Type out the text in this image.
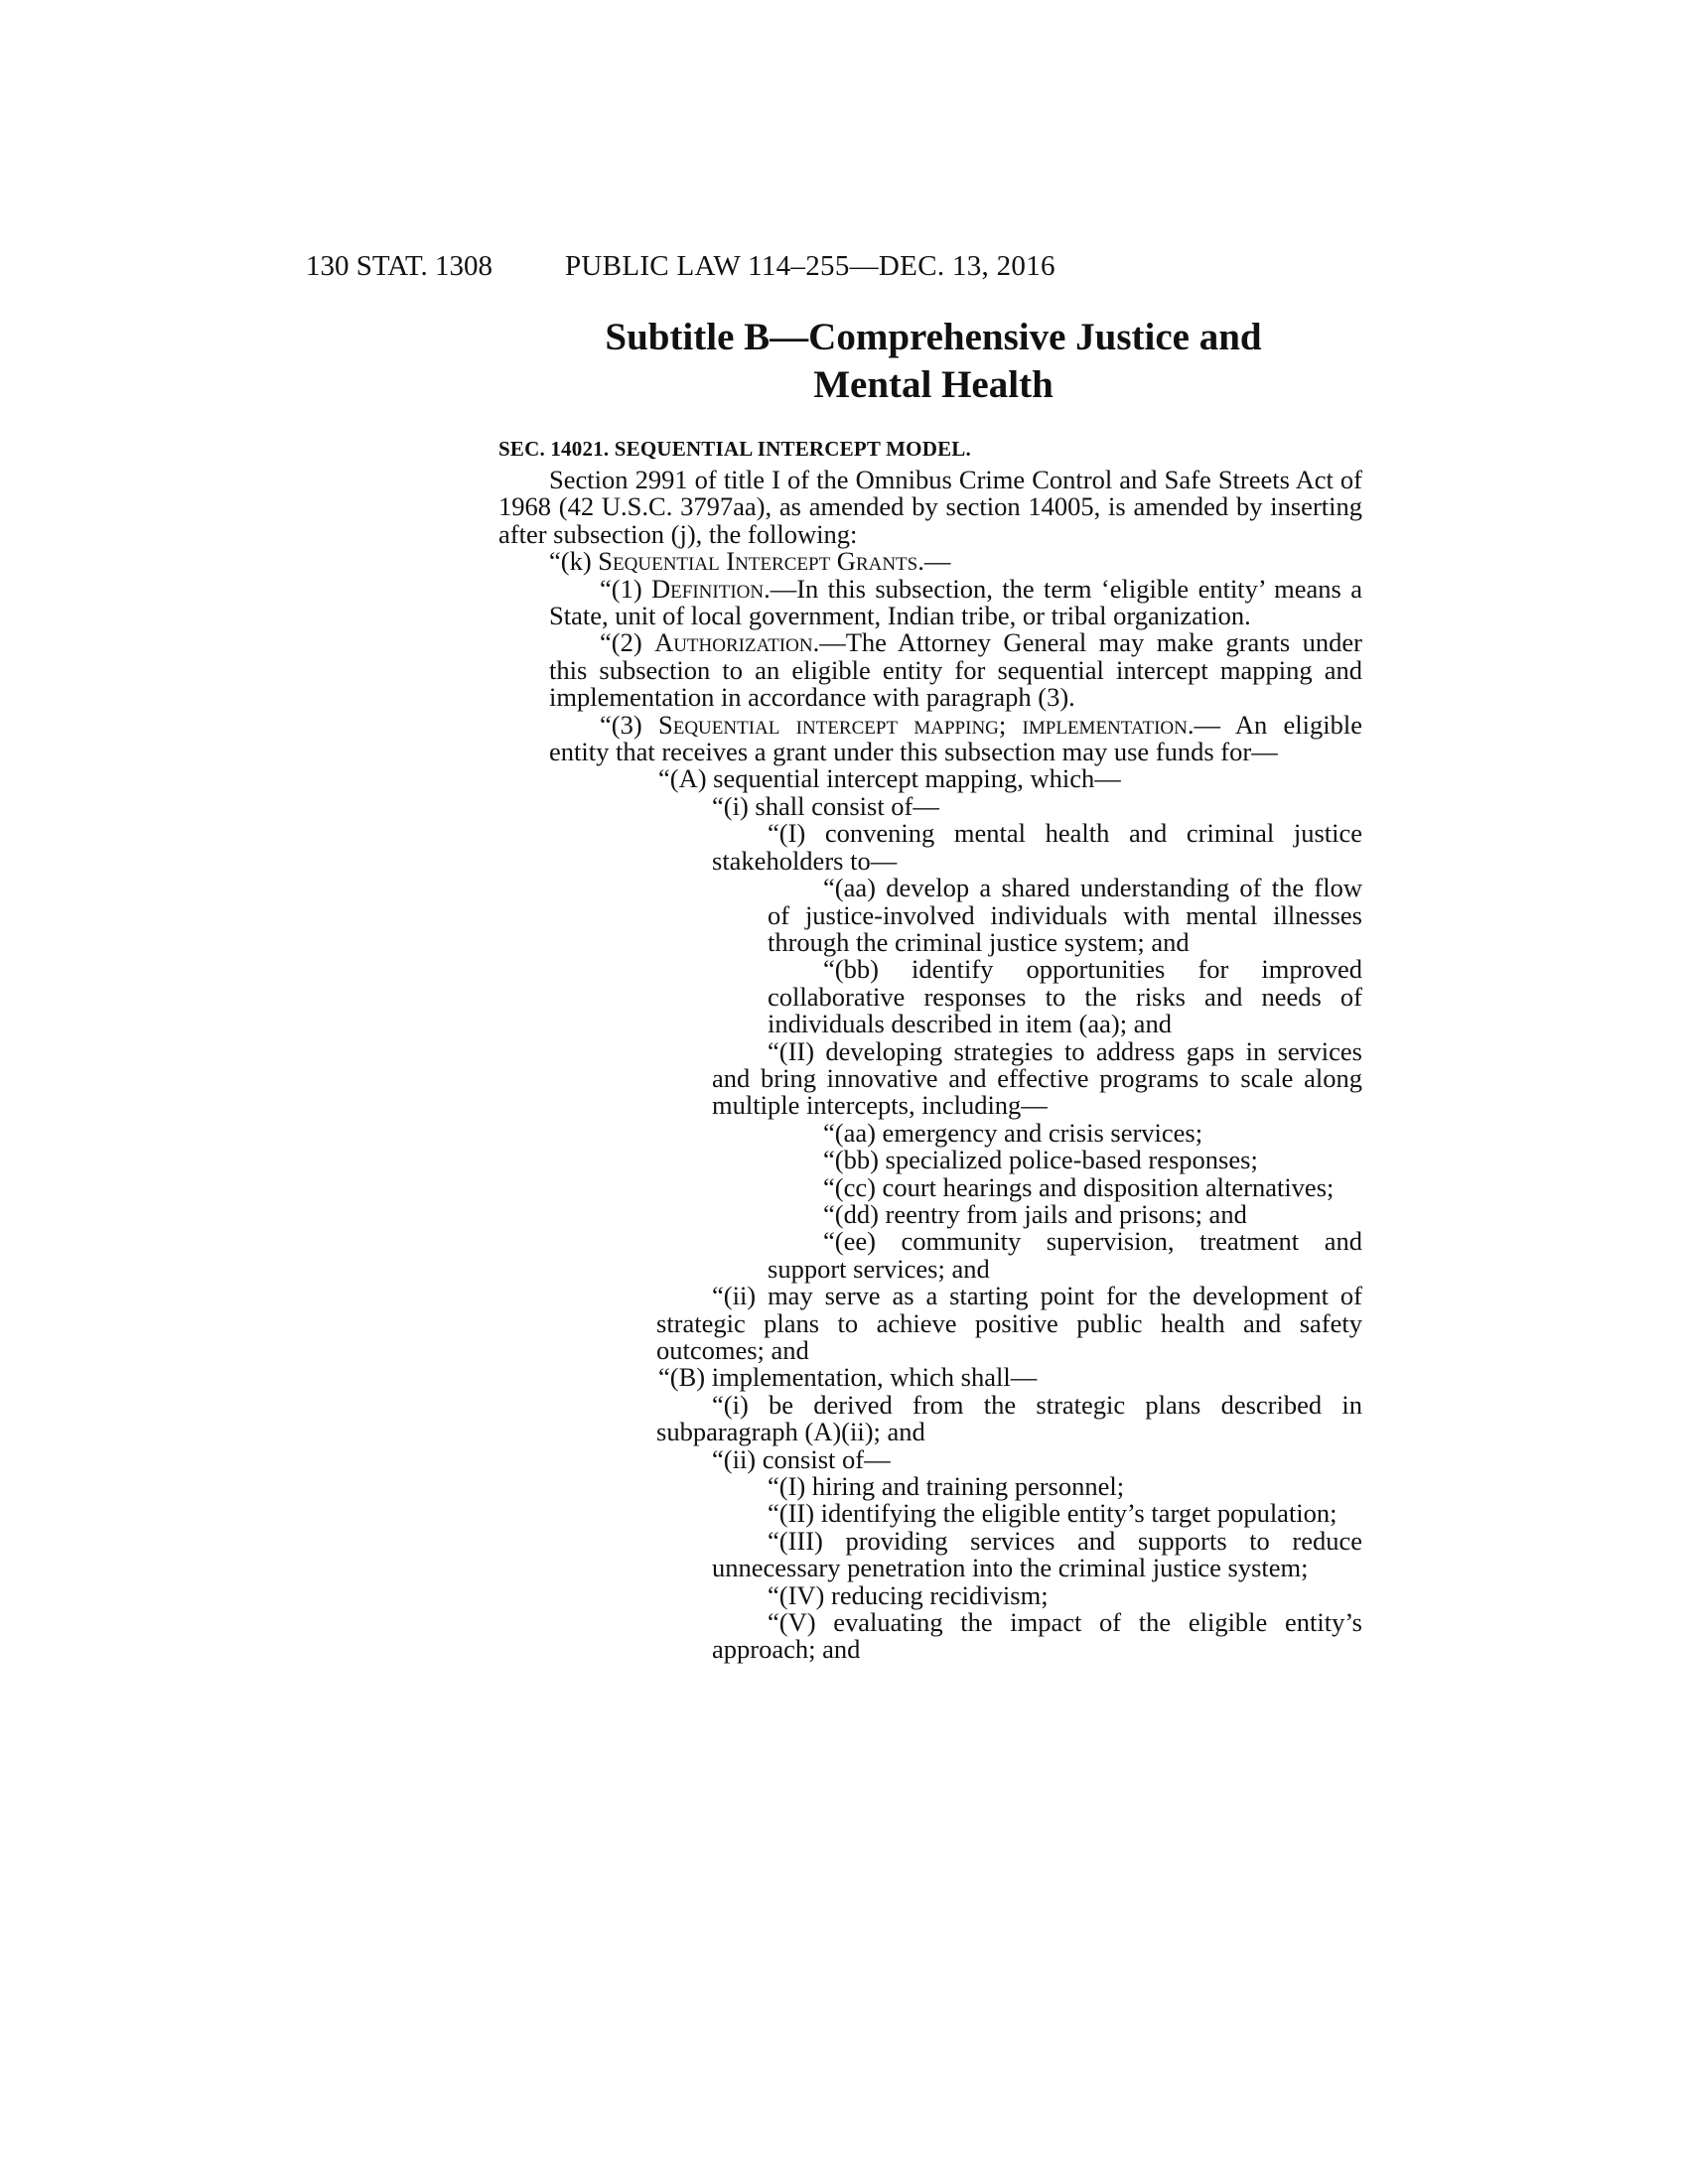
130 STAT. 1308	PUBLIC LAW 114–255—DEC. 13, 2016
Subtitle B—Comprehensive Justice and
Mental Health
SEC. 14021. SEQUENTIAL INTERCEPT MODEL.

Section 2991 of title I of the Omnibus Crime Control and Safe Streets Act of 1968 (42 U.S.C. 3797aa), as amended by section 14005, is amended by inserting after subsection (j), the following:

“(k) Sequential Intercept Grants.—

“(1) Definition.—In this subsection, the term ‘eligible entity’ means a State, unit of local government, Indian tribe, or tribal organization.

“(2) Authorization.—The Attorney General may make grants under this subsection to an eligible entity for sequential intercept mapping and implementation in accordance with paragraph (3).

“(3) Sequential intercept mapping; implementation.— An eligible entity that receives a grant under this subsection may use funds for—

“(A) sequential intercept mapping, which—

“(i) shall consist of—

“(I) convening mental health and criminal justice stakeholders to—

“(aa) develop a shared understanding of the flow of justice-involved individuals with mental illnesses through the criminal justice system; and

“(bb) identify opportunities for improved collaborative responses to the risks and needs of individuals described in item (aa); and

“(II) developing strategies to address gaps in services and bring innovative and effective programs to scale along multiple intercepts, including—

“(aa) emergency and crisis services;

“(bb) specialized police-based responses;

“(cc) court hearings and disposition alternatives;

“(dd) reentry from jails and prisons; and

“(ee) community supervision, treatment and support services; and

“(ii) may serve as a starting point for the development of strategic plans to achieve positive public health and safety outcomes; and

“(B) implementation, which shall—

“(i) be derived from the strategic plans described in subparagraph (A)(ii); and

“(ii) consist of—

“(I) hiring and training personnel;

“(II) identifying the eligible entity’s target population;

“(III) providing services and supports to reduce unnecessary penetration into the criminal justice system;

“(IV) reducing recidivism;

“(V) evaluating the impact of the eligible entity’s approach; and
